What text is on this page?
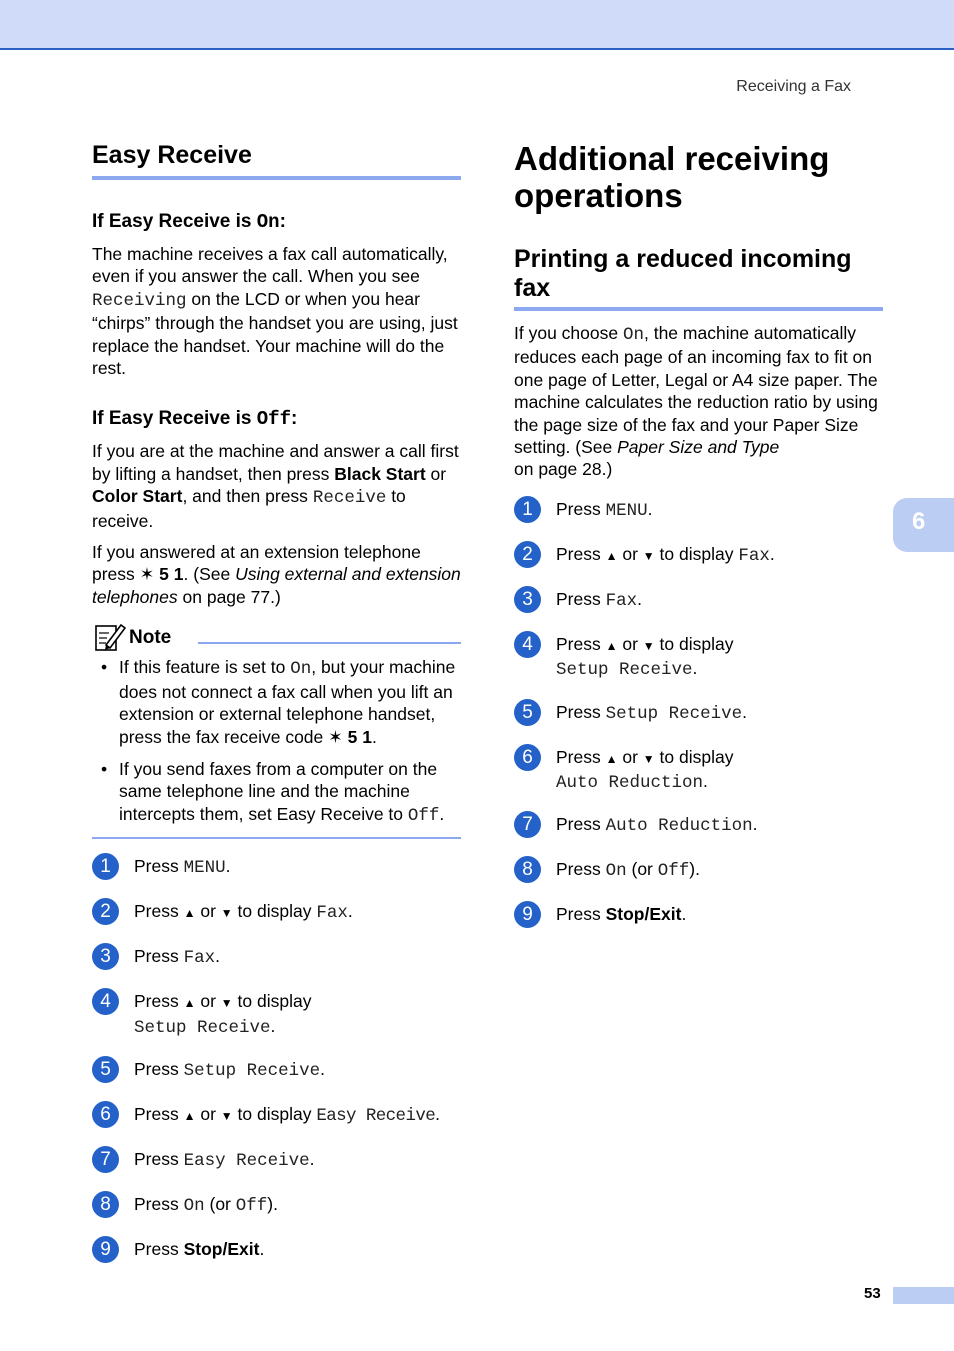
Receiving a Fax
6
Easy Receive
If Easy Receive is On:

The machine receives a fax call automatically, even if you answer the call. When you see Receiving on the LCD or when you hear “chirps” through the handset you are using, just replace the handset. Your machine will do the rest.

If Easy Receive is Off:

If you are at the machine and answer a call first by lifting a handset, then press Black Start or Color Start, and then press Receive to receive.

If you answered at an extension telephone press ✶ 5 1. (See Using external and extension telephones on page 77.)

Note
• If this feature is set to On, but your machine does not connect a fax call when you lift an extension or external telephone handset, press the fax receive code ✶ 5 1.
• If you send faxes from a computer on the same telephone line and the machine intercepts them, set Easy Receive to Off.
1	Press MENU.
2	Press ▲ or ▼ to display Fax.
3	Press Fax.
4	Press ▲ or ▼ to display
Setup Receive.
5	Press Setup Receive.
6	Press ▲ or ▼ to display Easy Receive.
7	Press Easy Receive.
8	Press On (or Off).
9	Press Stop/Exit.
Additional receiving operations
Printing a reduced incoming fax

If you choose On, the machine automatically reduces each page of an incoming fax to fit on one page of Letter, Legal or A4 size paper. The machine calculates the reduction ratio by using the page size of the fax and your Paper Size setting. (See Paper Size and Type
on page 28.)

1	Press MENU.
2	Press ▲ or ▼ to display Fax.
3	Press Fax.
4	Press ▲ or ▼ to display
Setup Receive.
5	Press Setup Receive.
6	Press ▲ or ▼ to display
Auto Reduction.
7	Press Auto Reduction.
8	Press On (or Off).
9	Press Stop/Exit.
53
